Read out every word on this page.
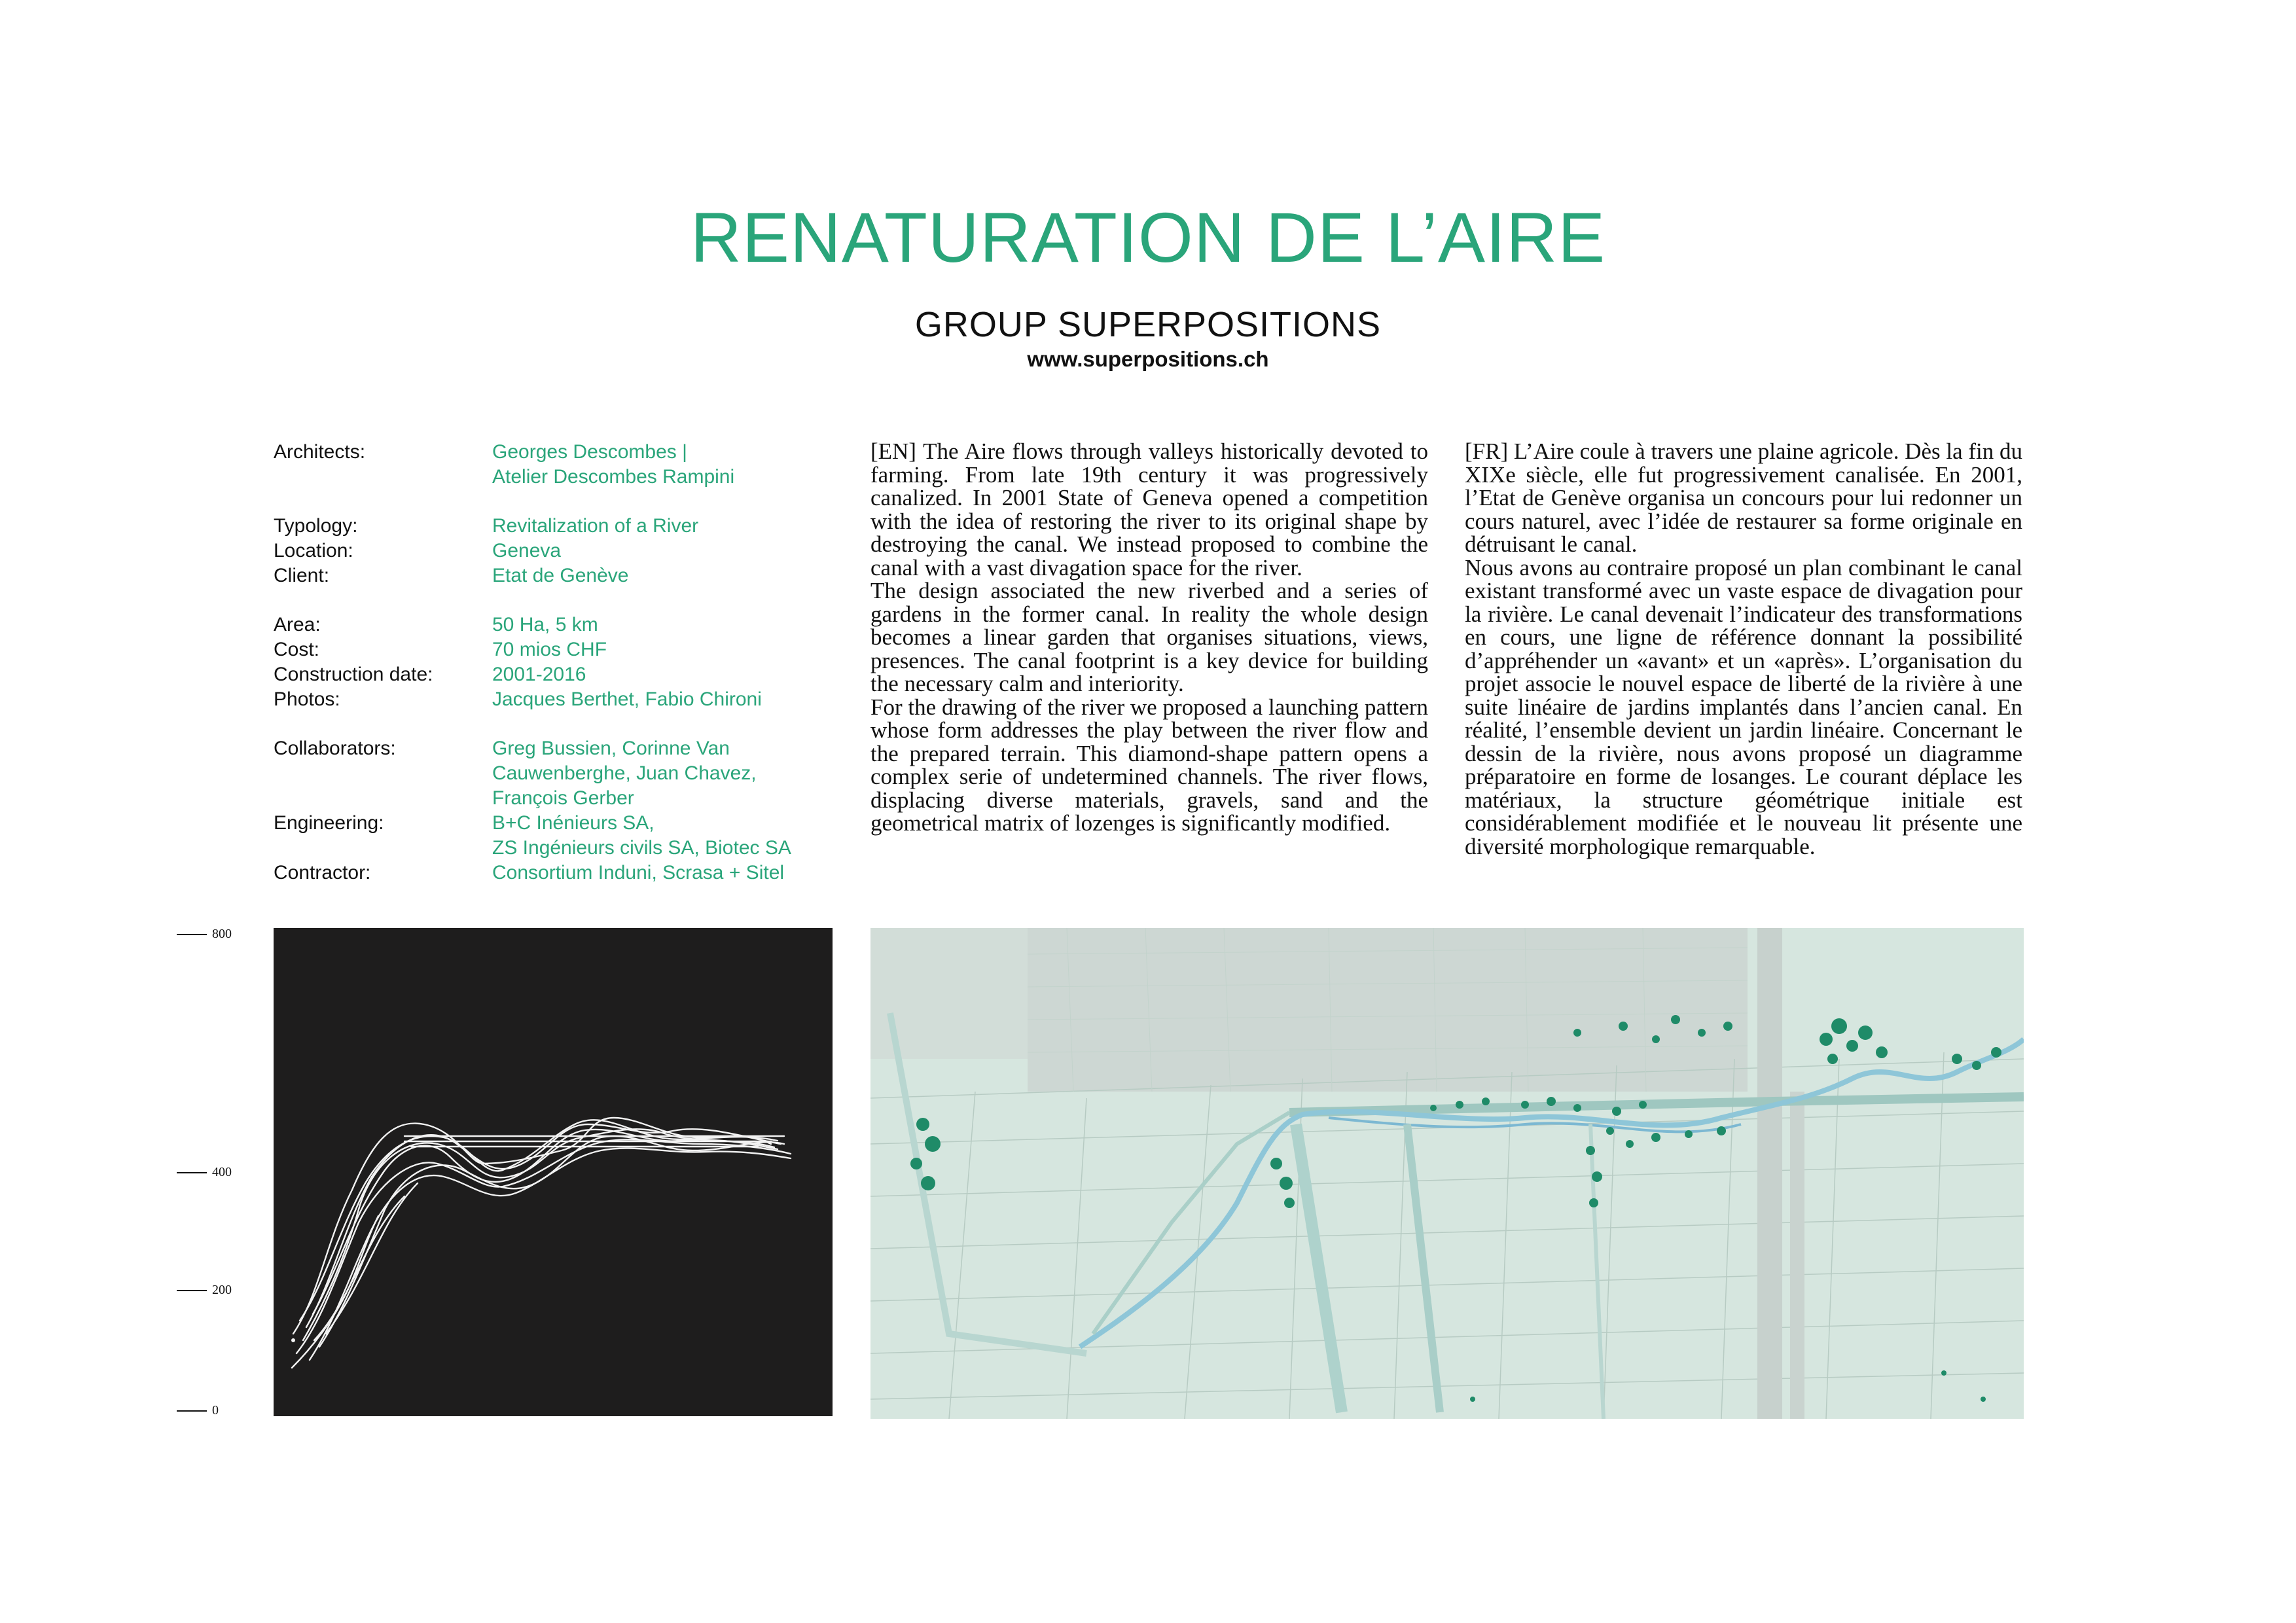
RENATURATION DE L’AIRE
GROUP SUPERPOSITIONS
www.superpositions.ch
Architects:	Georges Descombes |
Atelier Descombes Rampini
Typology:	Revitalization of a River
Location:	Geneva
Client:	Etat de Genève
Area:	50 Ha, 5 km
Cost:	70 mios CHF
Construction date:	2001-2016
Photos:	Jacques Berthet, Fabio Chironi
Collaborators:	Greg Bussien, Corinne Van
Cauwenberghe, Juan Chavez,
François Gerber
Engineering:	B+C Inénieurs SA,
ZS Ingénieurs civils SA, Biotec SA
Contractor:	Consortium Induni, Scrasa + Sitel

[EN] The Aire flows through valleys historically devoted to farming. From late 19th century it was progressively canalized. In 2001 State of Geneva opened a competition with the idea of restoring the river to its original shape by destroying the canal. We instead proposed to combine the canal with a vast divagation space for the river.

The design associated the new riverbed and a series of gardens in the former canal. In reality the whole design becomes a linear garden that organises situations, views, presences. The canal footprint is a key device for building the necessary calm and interiority.

For the drawing of the river we proposed a launching pattern whose form addresses the play between the river flow and the prepared terrain. This diamond-shape pattern opens a complex serie of undetermined channels. The river flows, displacing diverse materials, gravels, sand and the geometrical matrix of lozenges is significantly modified.

[FR] L’Aire coule à travers une plaine agricole. Dès la fin du XIXe siècle, elle fut progressivement canalisée. En 2001, l’Etat de Genève organisa un concours pour lui redonner un cours naturel, avec l’idée de restaurer sa forme originale en détruisant le canal.

Nous avons au contraire proposé un plan combinant le canal existant transformé avec un vaste espace de divagation pour la rivière. Le canal devenait l’indicateur des transformations en cours, une ligne de référence donnant la possibilité d’appréhender un «avant» et un «après». L’organisation du projet associe le nouvel espace de liberté de la rivière à une suite linéaire de jardins implantés dans l’ancien canal. En réalité, l’ensemble devient un jardin linéaire. Concernant le dessin de la rivière, nous avons proposé un diagramme préparatoire en forme de losanges. Le courant déplace les matériaux, la structure géométrique initiale est considérablement modifiée et le nouveau lit présente une diversité morphologique remarquable.

800
400
200
0
